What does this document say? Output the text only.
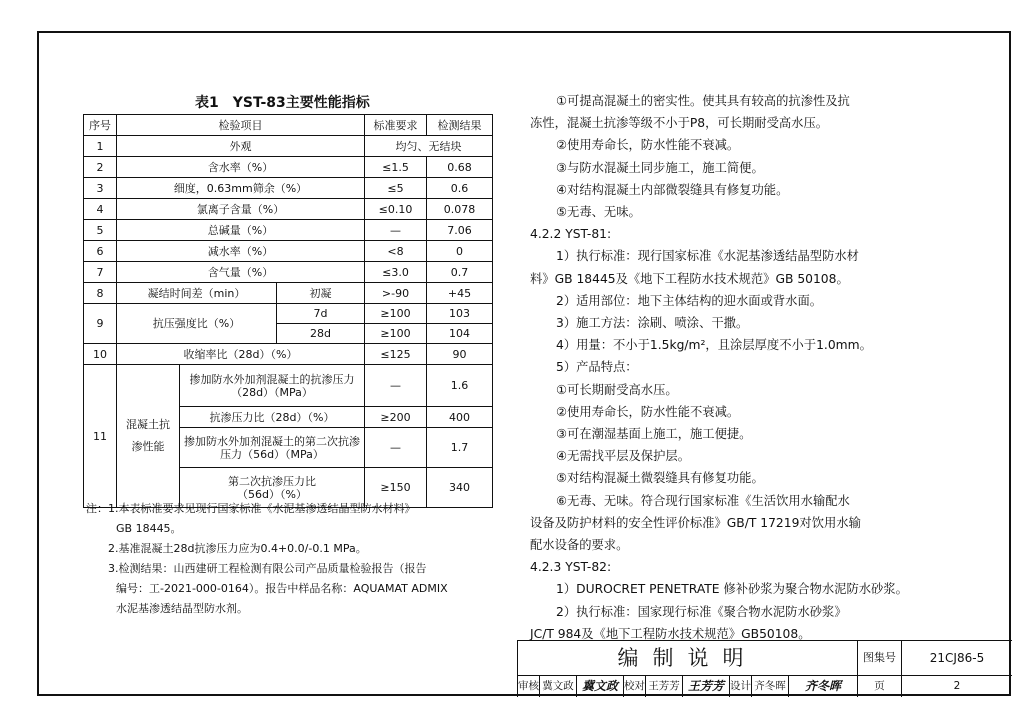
表1　YST-83主要性能指标
序号	检验项目			标准要求	检测结果
1	外观			均匀、无结块	
2	含水率（%）			≤1.5	0.68
3	细度，0.63mm筛余（%）			≤5	0.6
4	氯离子含量（%）			≤0.10	0.078
5	总碱量（%）			—	7.06
6	减水率（%）			<8	0
7	含气量（%）			≤3.0	0.7
8	凝结时间差（min）		初凝	>-90	+45
9	抗压强度比（%）		7d	≥100	103
			28d	≥100	104
10	收缩率比（28d）（%）			≤125	90
11	混凝土抗渗性能	掺加防水外加剂混凝土的抗渗压力（28d）（MPa）		—	1.6
		抗渗压力比（28d）（%）		≥200	400
		掺加防水外加剂混凝土的第二次抗渗压力（56d）（MPa）		—	1.7
		第二次抗渗压力比（56d）（%）		≥150	340

注：1.本表标准要求见现行国家标准《水泥基渗透结晶型防水材料》

GB 18445。

2.基准混凝土28d抗渗压力应为0.4+0.0/-0.1 MPa。

3.检测结果：山西建研工程检测有限公司产品质量检验报告（报告

编号：工-2021-000-0164）。报告中样品名称：AQUAMAT ADMIX

水泥基渗透结晶型防水剂。

①可提高混凝土的密实性。使其具有较高的抗渗性及抗

冻性，混凝土抗渗等级不小于P8，可长期耐受高水压。

②使用寿命长，防水性能不衰减。

③与防水混凝土同步施工，施工简便。

④对结构混凝土内部微裂缝具有修复功能。

⑤无毒、无味。

4.2.2 YST-81:

1）执行标准：现行国家标准《水泥基渗透结晶型防水材

料》GB 18445及《地下工程防水技术规范》GB 50108。

2）适用部位：地下主体结构的迎水面或背水面。

3）施工方法：涂刷、喷涂、干撒。

4）用量：不小于1.5kg/m²，且涂层厚度不小于1.0mm。

5）产品特点：

①可长期耐受高水压。

②使用寿命长，防水性能不衰减。

③可在潮湿基面上施工，施工便捷。

④无需找平层及保护层。

⑤对结构混凝土微裂缝具有修复功能。

⑥无毒、无味。符合现行国家标准《生活饮用水输配水

设备及防护材料的安全性评价标准》GB/T 17219对饮用水输

配水设备的要求。

4.2.3 YST-82:

1）DUROCRET PENETRATE 修补砂浆为聚合物水泥防水砂浆。

2）执行标准：国家现行标准《聚合物水泥防水砂浆》

JC/T 984及《地下工程防水技术规范》GB50108。

编制说明	图集号	21CJ86-5
审核 冀文政 冀文政 校对 王芳芳 王芳芳 设计 齐冬晖	齐冬晖	页	2
